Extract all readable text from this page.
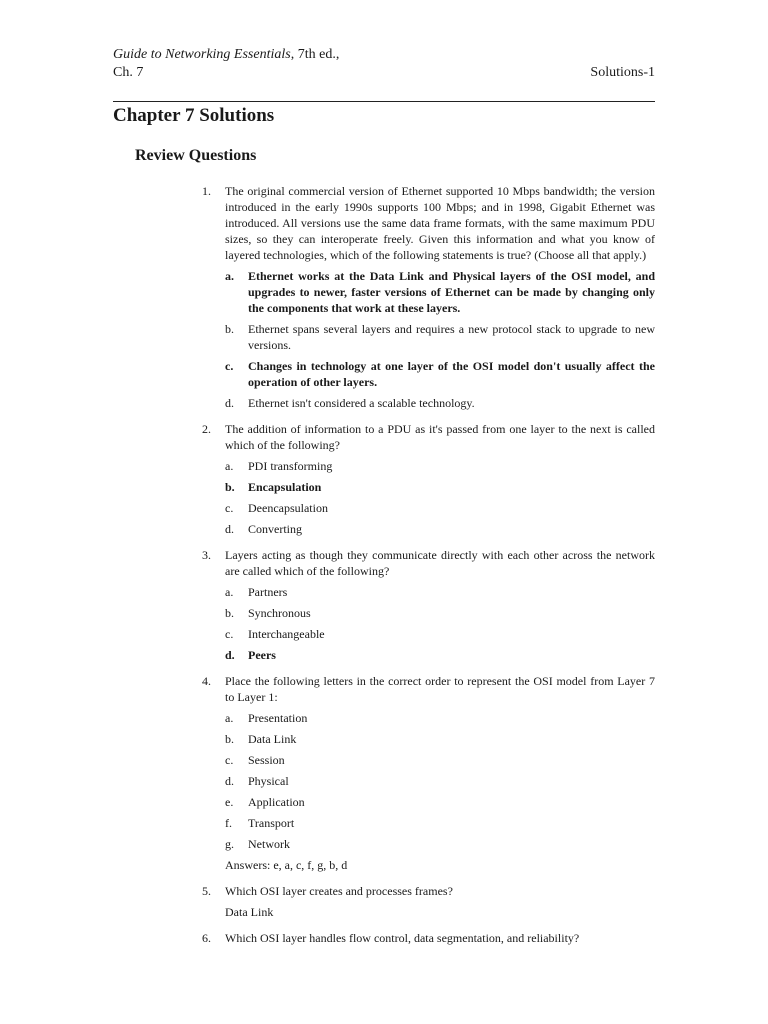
Guide to Networking Essentials, 7th ed.,
Ch. 7	Solutions-1
Chapter 7 Solutions
Review Questions
1.	The original commercial version of Ethernet supported 10 Mbps bandwidth; the version introduced in the early 1990s supports 100 Mbps; and in 1998, Gigabit Ethernet was introduced. All versions use the same data frame formats, with the same maximum PDU sizes, so they can interoperate freely. Given this information and what you know of layered technologies, which of the following statements is true? (Choose all that apply.)

a.	Ethernet works at the Data Link and Physical layers of the OSI model, and upgrades to newer, faster versions of Ethernet can be made by changing only the components that work at these layers.
b.	Ethernet spans several layers and requires a new protocol stack to upgrade to new versions.
c.	Changes in technology at one layer of the OSI model don't usually affect the operation of other layers.
d.	Ethernet isn't considered a scalable technology.
2.	The addition of information to a PDU as it's passed from one layer to the next is called which of the following?

a.	PDI transforming
b.	Encapsulation
c.	Deencapsulation
d.	Converting
3.	Layers acting as though they communicate directly with each other across the network are called which of the following?

a.	Partners
b.	Synchronous
c.	Interchangeable
d.	Peers
4.	Place the following letters in the correct order to represent the OSI model from Layer 7 to Layer 1:

a.	Presentation
b.	Data Link
c.	Session
d.	Physical
e.	Application
f.	Transport
g.	Network

Answers: e, a, c, f, g, b, d

5.	Which OSI layer creates and processes frames?

Data Link

6.	Which OSI layer handles flow control, data segmentation, and reliability?
